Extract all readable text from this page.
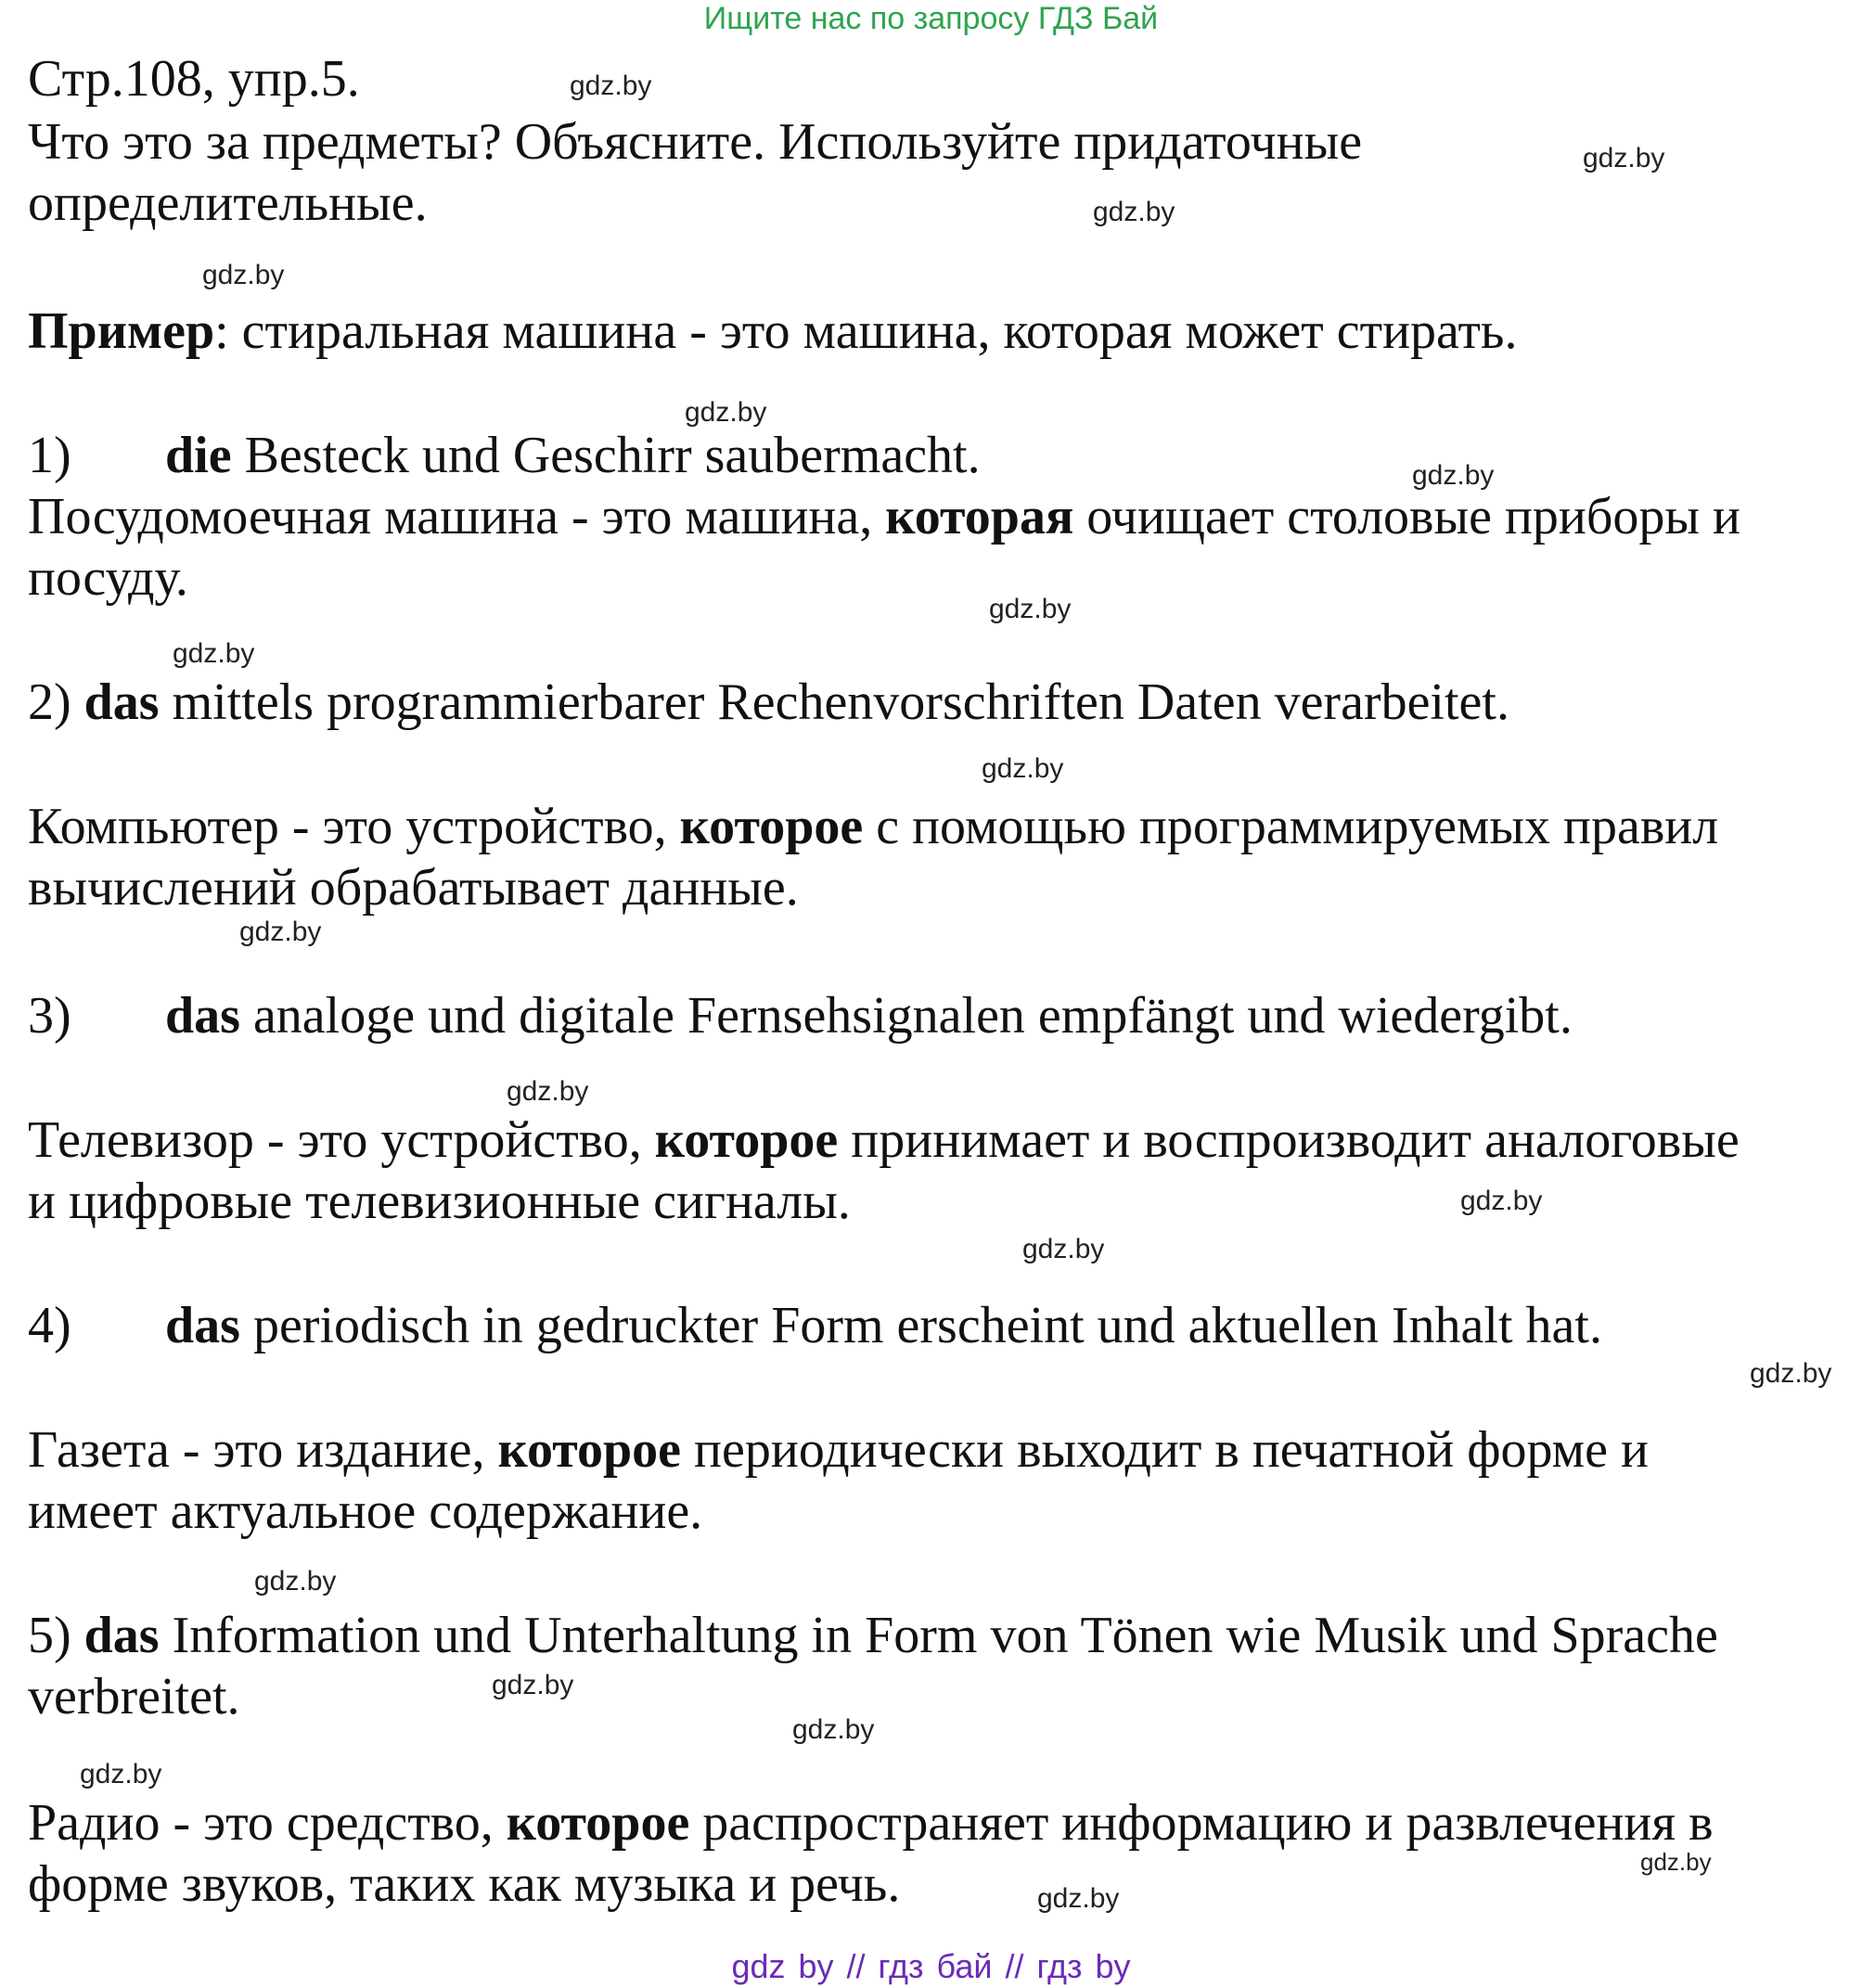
Ищите нас по запросу ГДЗ Бай
Стр.108, упр.5.
Что это за предметы? Объясните. Используйте придаточные
определительные.
Пример: стиральная машина - это машина, которая может стирать.
1) die Besteck und Geschirr saubermacht.
Посудомоечная машина - это машина, которая очищает столовые приборы и
посуду.
2) das mittels programmierbarer Rechenvorschriften Daten verarbeitet.
Компьютер - это устройство, которое с помощью программируемых правил
вычислений обрабатывает данные.
3) das analoge und digitale Fernsehsignalen empfängt und wiedergibt.
Телевизор - это устройство, которое принимает и воспроизводит аналоговые
и цифровые телевизионные сигналы.
4) das periodisch in gedruckter Form erscheint und aktuellen Inhalt hat.
Газета - это издание, которое периодически выходит в печатной форме и
имеет актуальное содержание.
5) das Information und Unterhaltung in Form von Tönen wie Musik und Sprache
verbreitet.
Радио - это средство, которое распространяет информацию и развлечения в
форме звуков, таких как музыка и речь.
gdz.by
gdz.by
gdz.by
gdz.by
gdz.by
gdz.by
gdz.by
gdz.by
gdz.by
gdz.by
gdz.by
gdz.by
gdz.by
gdz.by
gdz.by
gdz.by
gdz.by
gdz.by
gdz.by
gdz.by
gdz by // гдз бай // гдз by
